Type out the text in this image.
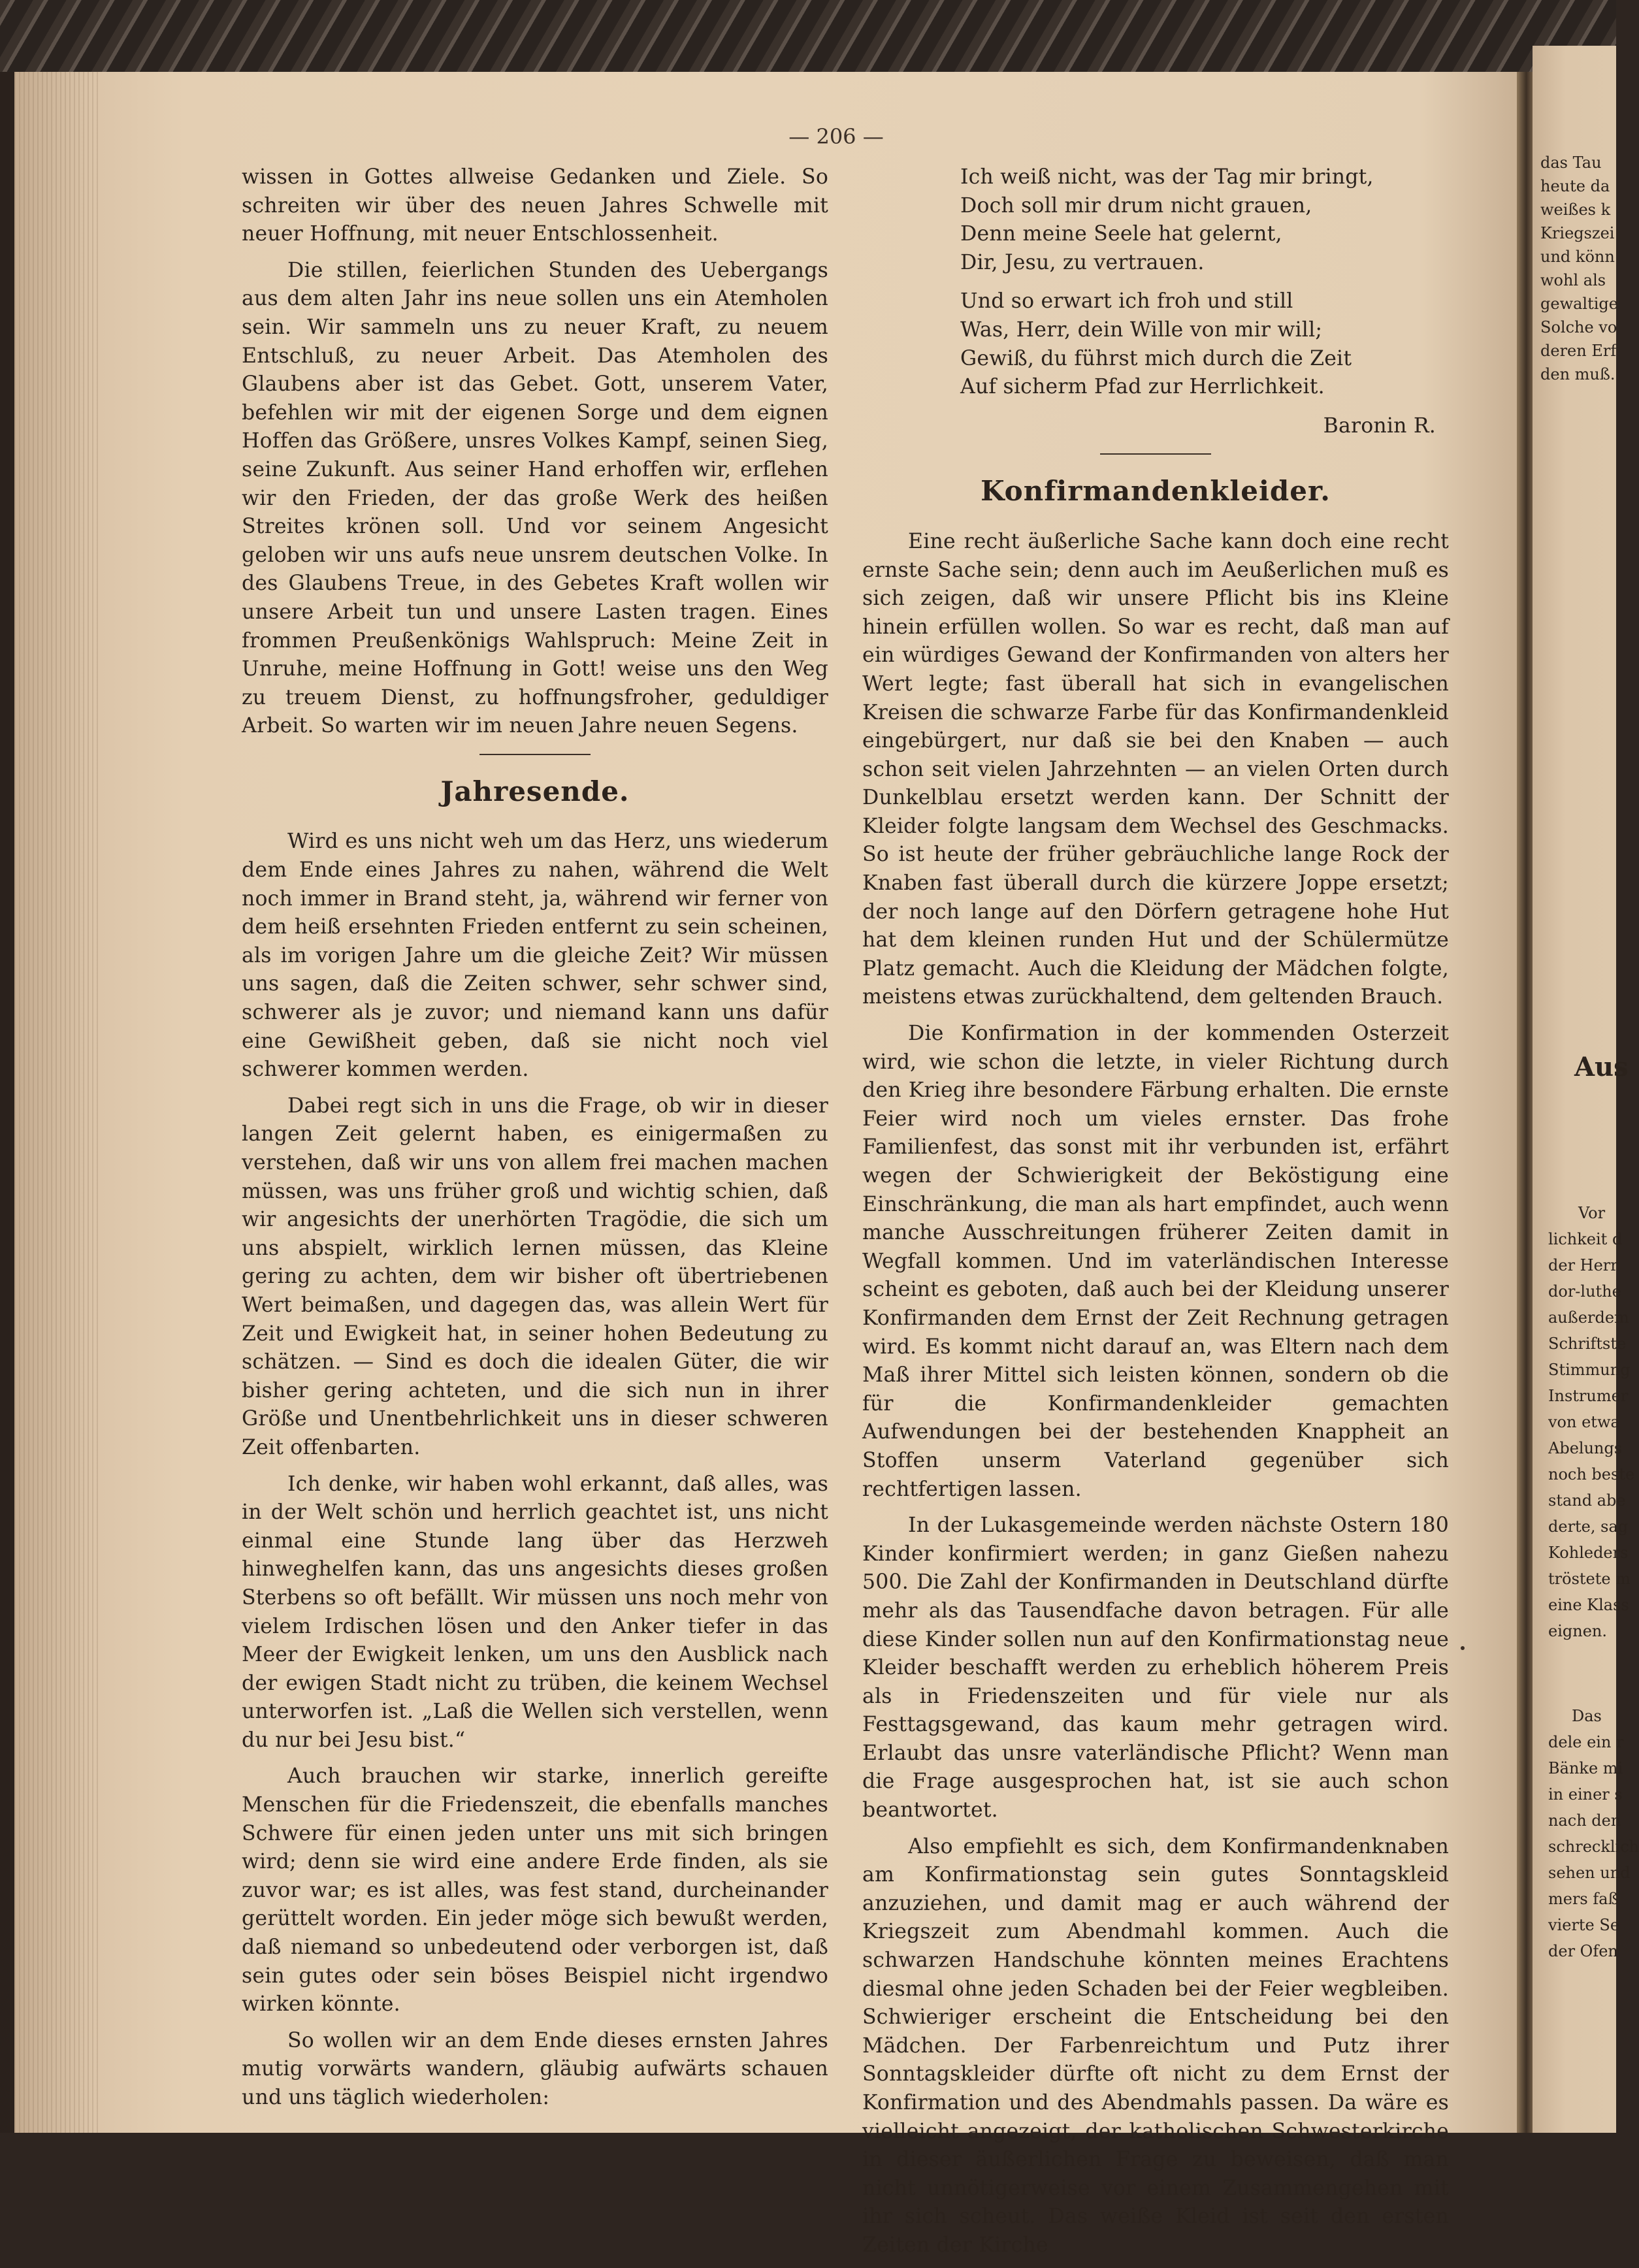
— 206 —

wissen in Gottes allweise Gedanken und Ziele. So schreiten wir über des neuen Jahres Schwelle mit neuer Hoffnung, mit neuer Entschlossenheit.

Die stillen, feierlichen Stunden des Uebergangs aus dem alten Jahr ins neue sollen uns ein Atemholen sein. Wir sammeln uns zu neuer Kraft, zu neuem Entschluß, zu neuer Arbeit. Das Atemholen des Glaubens aber ist das Gebet. Gott, unserem Vater, befehlen wir mit der eigenen Sorge und dem eignen Hoffen das Größere, unsres Volkes Kampf, seinen Sieg, seine Zukunft. Aus seiner Hand erhoffen wir, erflehen wir den Frieden, der das große Werk des heißen Streites krönen soll. Und vor seinem Angesicht geloben wir uns aufs neue unsrem deutschen Volke. In des Glaubens Treue, in des Gebetes Kraft wollen wir unsere Arbeit tun und unsere Lasten tragen. Eines frommen Preußenkönigs Wahlspruch: Meine Zeit in Unruhe, meine Hoffnung in Gott! weise uns den Weg zu treuem Dienst, zu hoffnungsfroher, geduldiger Arbeit. So warten wir im neuen Jahre neuen Segens.

Jahresende.

Wird es uns nicht weh um das Herz, uns wiederum dem Ende eines Jahres zu nahen, während die Welt noch immer in Brand steht, ja, während wir ferner von dem heiß ersehnten Frieden entfernt zu sein scheinen, als im vorigen Jahre um die gleiche Zeit? Wir müssen uns sagen, daß die Zeiten schwer, sehr schwer sind, schwerer als je zuvor; und niemand kann uns dafür eine Gewißheit geben, daß sie nicht noch viel schwerer kommen werden.

Dabei regt sich in uns die Frage, ob wir in dieser langen Zeit gelernt haben, es einigermaßen zu verstehen, daß wir uns von allem frei machen machen müssen, was uns früher groß und wichtig schien, daß wir angesichts der unerhörten Tragödie, die sich um uns abspielt, wirklich lernen müssen, das Kleine gering zu achten, dem wir bisher oft übertriebenen Wert beimaßen, und dagegen das, was allein Wert für Zeit und Ewigkeit hat, in seiner hohen Bedeutung zu schätzen. — Sind es doch die idealen Güter, die wir bisher gering achteten, und die sich nun in ihrer Größe und Unentbehrlichkeit uns in dieser schweren Zeit offenbarten.

Ich denke, wir haben wohl erkannt, daß alles, was in der Welt schön und herrlich geachtet ist, uns nicht einmal eine Stunde lang über das Herzweh hinweghelfen kann, das uns angesichts dieses großen Sterbens so oft befällt. Wir müssen uns noch mehr von vielem Irdischen lösen und den Anker tiefer in das Meer der Ewigkeit lenken, um uns den Ausblick nach der ewigen Stadt nicht zu trüben, die keinem Wechsel unterworfen ist. „Laß die Wellen sich verstellen, wenn du nur bei Jesu bist.“

Auch brauchen wir starke, innerlich gereifte Menschen für die Friedenszeit, die ebenfalls manches Schwere für einen jeden unter uns mit sich bringen wird; denn sie wird eine andere Erde finden, als sie zuvor war; es ist alles, was fest stand, durcheinander gerüttelt worden. Ein jeder möge sich bewußt werden, daß niemand so unbedeutend oder verborgen ist, daß sein gutes oder sein böses Beispiel nicht irgendwo wirken könnte.

So wollen wir an dem Ende dieses ernsten Jahres mutig vorwärts wandern, gläubig aufwärts schauen und uns täglich wiederholen:

Ich weiß nicht, was der Tag mir bringt,
Doch soll mir drum nicht grauen,
Denn meine Seele hat gelernt,
Dir, Jesu, zu vertrauen.
Und so erwart ich froh und still
Was, Herr, dein Wille von mir will;
Gewiß, du führst mich durch die Zeit
Auf sicherm Pfad zur Herrlichkeit.
Baronin R.
Konfirmandenkleider.

Eine recht äußerliche Sache kann doch eine recht ernste Sache sein; denn auch im Aeußerlichen muß es sich zeigen, daß wir unsere Pflicht bis ins Kleine hinein erfüllen wollen. So war es recht, daß man auf ein würdiges Gewand der Konfirmanden von alters her Wert legte; fast überall hat sich in evangelischen Kreisen die schwarze Farbe für das Konfirmandenkleid eingebürgert, nur daß sie bei den Knaben — auch schon seit vielen Jahrzehnten — an vielen Orten durch Dunkelblau ersetzt werden kann. Der Schnitt der Kleider folgte langsam dem Wechsel des Geschmacks. So ist heute der früher gebräuchliche lange Rock der Knaben fast überall durch die kürzere Joppe ersetzt; der noch lange auf den Dörfern getragene hohe Hut hat dem kleinen runden Hut und der Schülermütze Platz gemacht. Auch die Kleidung der Mädchen folgte, meistens etwas zurückhaltend, dem geltenden Brauch.

Die Konfirmation in der kommenden Osterzeit wird, wie schon die letzte, in vieler Richtung durch den Krieg ihre besondere Färbung erhalten. Die ernste Feier wird noch um vieles ernster. Das frohe Familienfest, das sonst mit ihr verbunden ist, erfährt wegen der Schwierigkeit der Beköstigung eine Einschränkung, die man als hart empfindet, auch wenn manche Ausschreitungen früherer Zeiten damit in Wegfall kommen. Und im vaterländischen Interesse scheint es geboten, daß auch bei der Kleidung unserer Konfirmanden dem Ernst der Zeit Rechnung getragen wird. Es kommt nicht darauf an, was Eltern nach dem Maß ihrer Mittel sich leisten können, sondern ob die für die Konfirmandenkleider gemachten Aufwendungen bei der bestehenden Knappheit an Stoffen unserm Vaterland gegenüber sich rechtfertigen lassen.

In der Lukasgemeinde werden nächste Ostern 180 Kinder konfirmiert werden; in ganz Gießen nahezu 500. Die Zahl der Konfirmanden in Deutschland dürfte mehr als das Tausendfache davon betragen. Für alle diese Kinder sollen nun auf den Konfirmationstag neue Kleider beschafft werden zu erheblich höherem Preis als in Friedenszeiten und für viele nur als Festtagsgewand, das kaum mehr getragen wird. Erlaubt das unsre vaterländische Pflicht? Wenn man die Frage ausgesprochen hat, ist sie auch schon beantwortet.

Also empfiehlt es sich, dem Konfirmandenknaben am Konfirmationstag sein gutes Sonntagskleid anzuziehen, und damit mag er auch während der Kriegszeit zum Abendmahl kommen. Auch die schwarzen Handschuhe könnten meines Erachtens diesmal ohne jeden Schaden bei der Feier wegbleiben. Schwieriger erscheint die Entscheidung bei den Mädchen. Der Farbenreichtum und Putz ihrer Sonntagskleider dürfte oft nicht zu dem Ernst der Konfirmation und des Abendmahls passen. Da wäre es vielleicht angezeigt, der katholischen Schwesterkirche in dieser äußerlichen Frage zu beweisen, daß man nicht unnötigerweise vor einem Zusammengehen mit ihr sich scheut. Das weiße Kleid ist seit den ersten Zeiten der Kirche

das Tau
heute da
weißes k
Kriegszei
und könn
wohl als
gewaltige
Solche vo
deren Erf
den muß.
Aus
Vor
lichkeit d
der Herr
dor-luthe
außerdem
Schriftste
Stimmung
Instrumer
von etwa
Abelungs
noch beste
stand abe
derte, sag
Kohleders
tröstete m
eine Klass
eignen.
Das
dele ein r
Bänke mi
in einer s
nach den
schrecklich
sehen und
mers faß
vierte Se
der Ofen
